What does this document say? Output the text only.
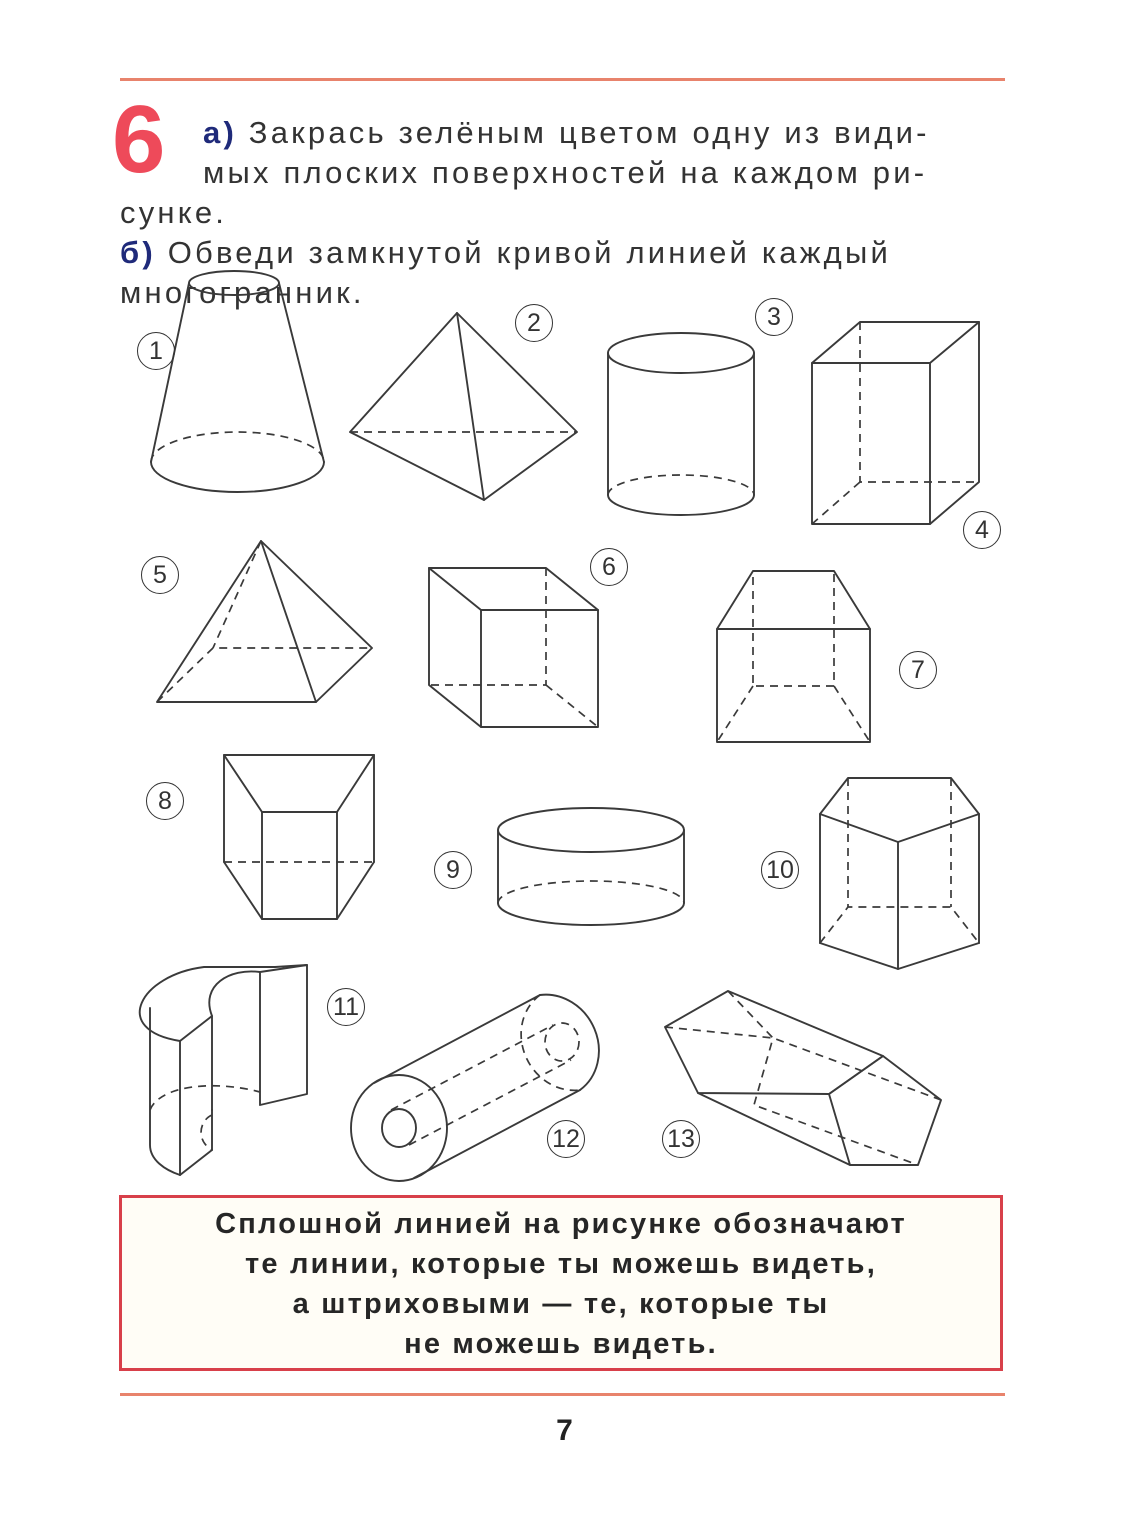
6 а) Закрась зелёным цветом одну из види-
мых плоских поверхностей на каждом ри-
сунке.
б) Обведи замкнутой кривой линией каждый
многогранник.
1
2	3
4
5	6
7
8
9	10
11
12	13
Сплошной линией на рисунке обозначают
те линии, которые ты можешь видеть,
а штриховыми — те, которые ты
не можешь видеть.
7
